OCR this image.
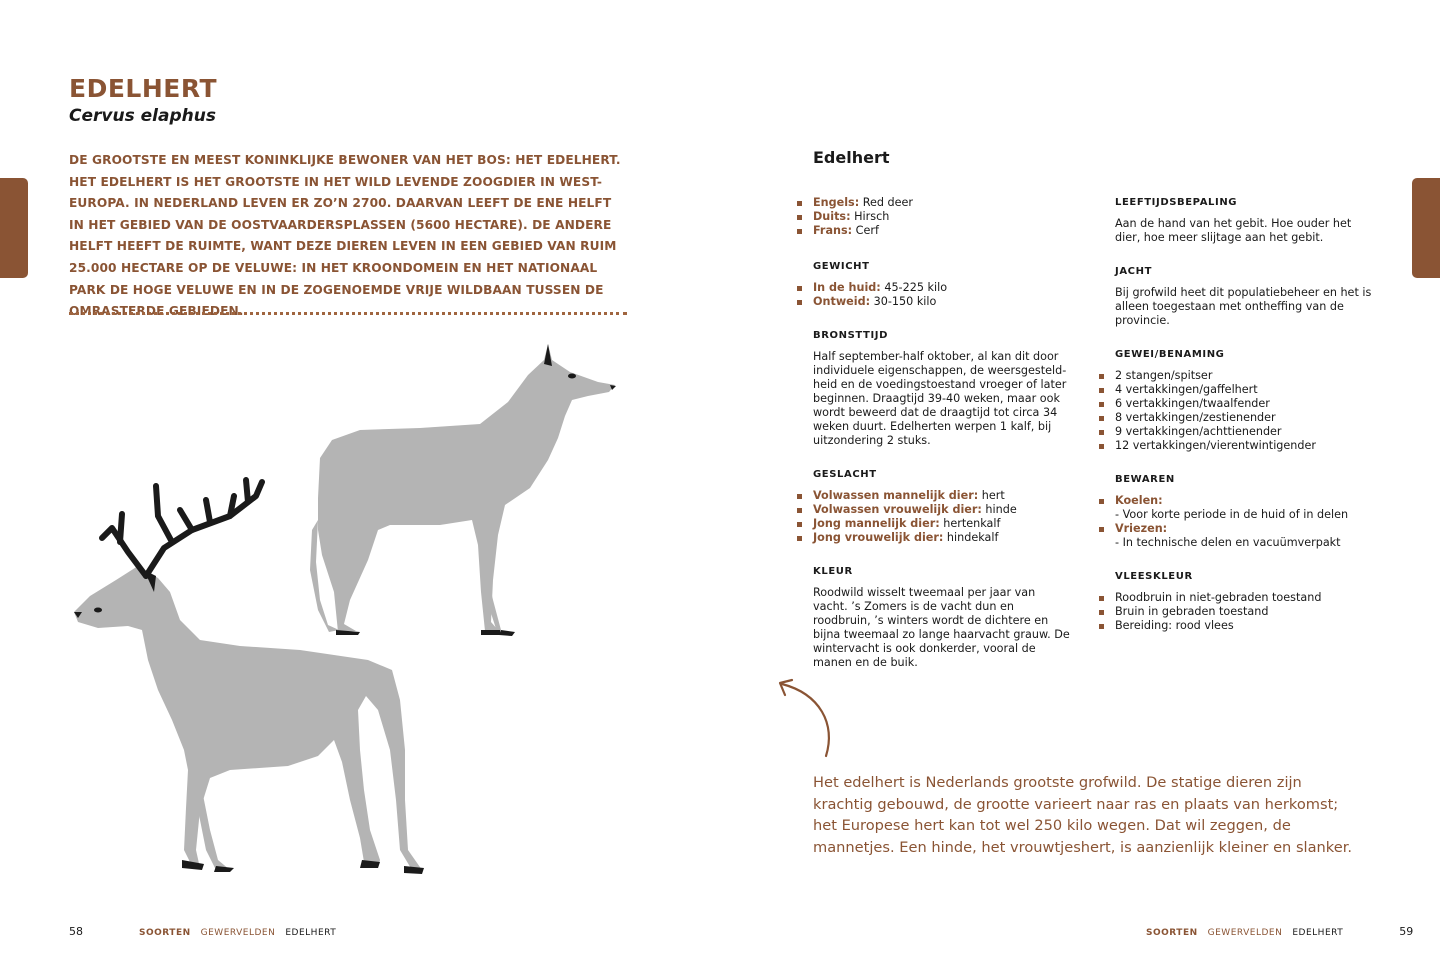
EDELHERT
Cervus elaphus

DE GROOTSTE EN MEEST KONINKLIJKE BEWONER VAN HET BOS: HET EDELHERT. HET EDELHERT IS HET GROOTSTE IN HET WILD LEVENDE ZOOGDIER IN WEST-EUROPA. IN NEDERLAND LEVEN ER ZO’N 2700. DAARVAN LEEFT DE ENE HELFT IN HET GEBIED VAN DE OOSTVAARDERSPLASSEN (5600 HECTARE). DE ANDERE HELFT HEEFT DE RUIMTE, WANT DEZE DIEREN LEVEN IN EEN GEBIED VAN RUIM 25.000 HECTARE OP DE VELUWE: IN HET KROONDOMEIN EN HET NATIONAAL PARK DE HOGE VELUWE EN IN DE ZOGENOEMDE VRIJE WILDBAAN TUSSEN DE OMRASTERDE GEBIEDEN.

Edelhert
Engels: Red deer
Duits: Hirsch
Frans: Cerf
GEWICHT
In de huid: 45-225 kilo
Ontweid: 30-150 kilo
BRONSTTIJD

Half september-half oktober, al kan dit door individuele eigenschappen, de weersgesteldheid en de voedingstoestand vroeger of later beginnen. Draagtijd 39-40 weken, maar ook wordt beweerd dat de draagtijd tot circa 34 weken duurt. Edelherten werpen 1 kalf, bij uitzondering 2 stuks.

GESLACHT
Volwassen mannelijk dier: hert
Volwassen vrouwelijk dier: hinde
Jong mannelijk dier: hertenkalf
Jong vrouwelijk dier: hindekalf
KLEUR

Roodwild wisselt tweemaal per jaar van vacht. ’s Zomers is de vacht dun en roodbruin, ’s winters wordt de dichtere en bijna tweemaal zo lange haarvacht grauw. De wintervacht is ook donkerder, vooral de manen en de buik.

LEEFTIJDSBEPALING

Aan de hand van het gebit. Hoe ouder het dier, hoe meer slijtage aan het gebit.

JACHT

Bij grofwild heet dit populatiebeheer en het is alleen toegestaan met ontheffing van de provincie.

GEWEI/BENAMING
2 stangen/spitser
4 vertakkingen/gaffelhert
6 vertakkingen/twaalfender
8 vertakkingen/zestienender
9 vertakkingen/achttienender
12 vertakkingen/vierentwintigender
BEWAREN
Koelen:
- Voor korte periode in de huid of in delen
Vriezen:
- In technische delen en vacuümverpakt
VLEESKLEUR
Roodbruin in niet-gebraden toestand
Bruin in gebraden toestand
Bereiding: rood vlees

Het edelhert is Nederlands grootste grofwild. De statige dieren zijn krachtig gebouwd, de grootte varieert naar ras en plaats van herkomst; het Europese hert kan tot wel 250 kilo wegen. Dat wil zeggen, de mannetjes. Een hinde, het vrouwtjeshert, is aanzienlijk kleiner en slanker.

58	SOORTEN GEWERVELDEN EDELHERT	SOORTEN GEWERVELDEN EDELHERT	59
